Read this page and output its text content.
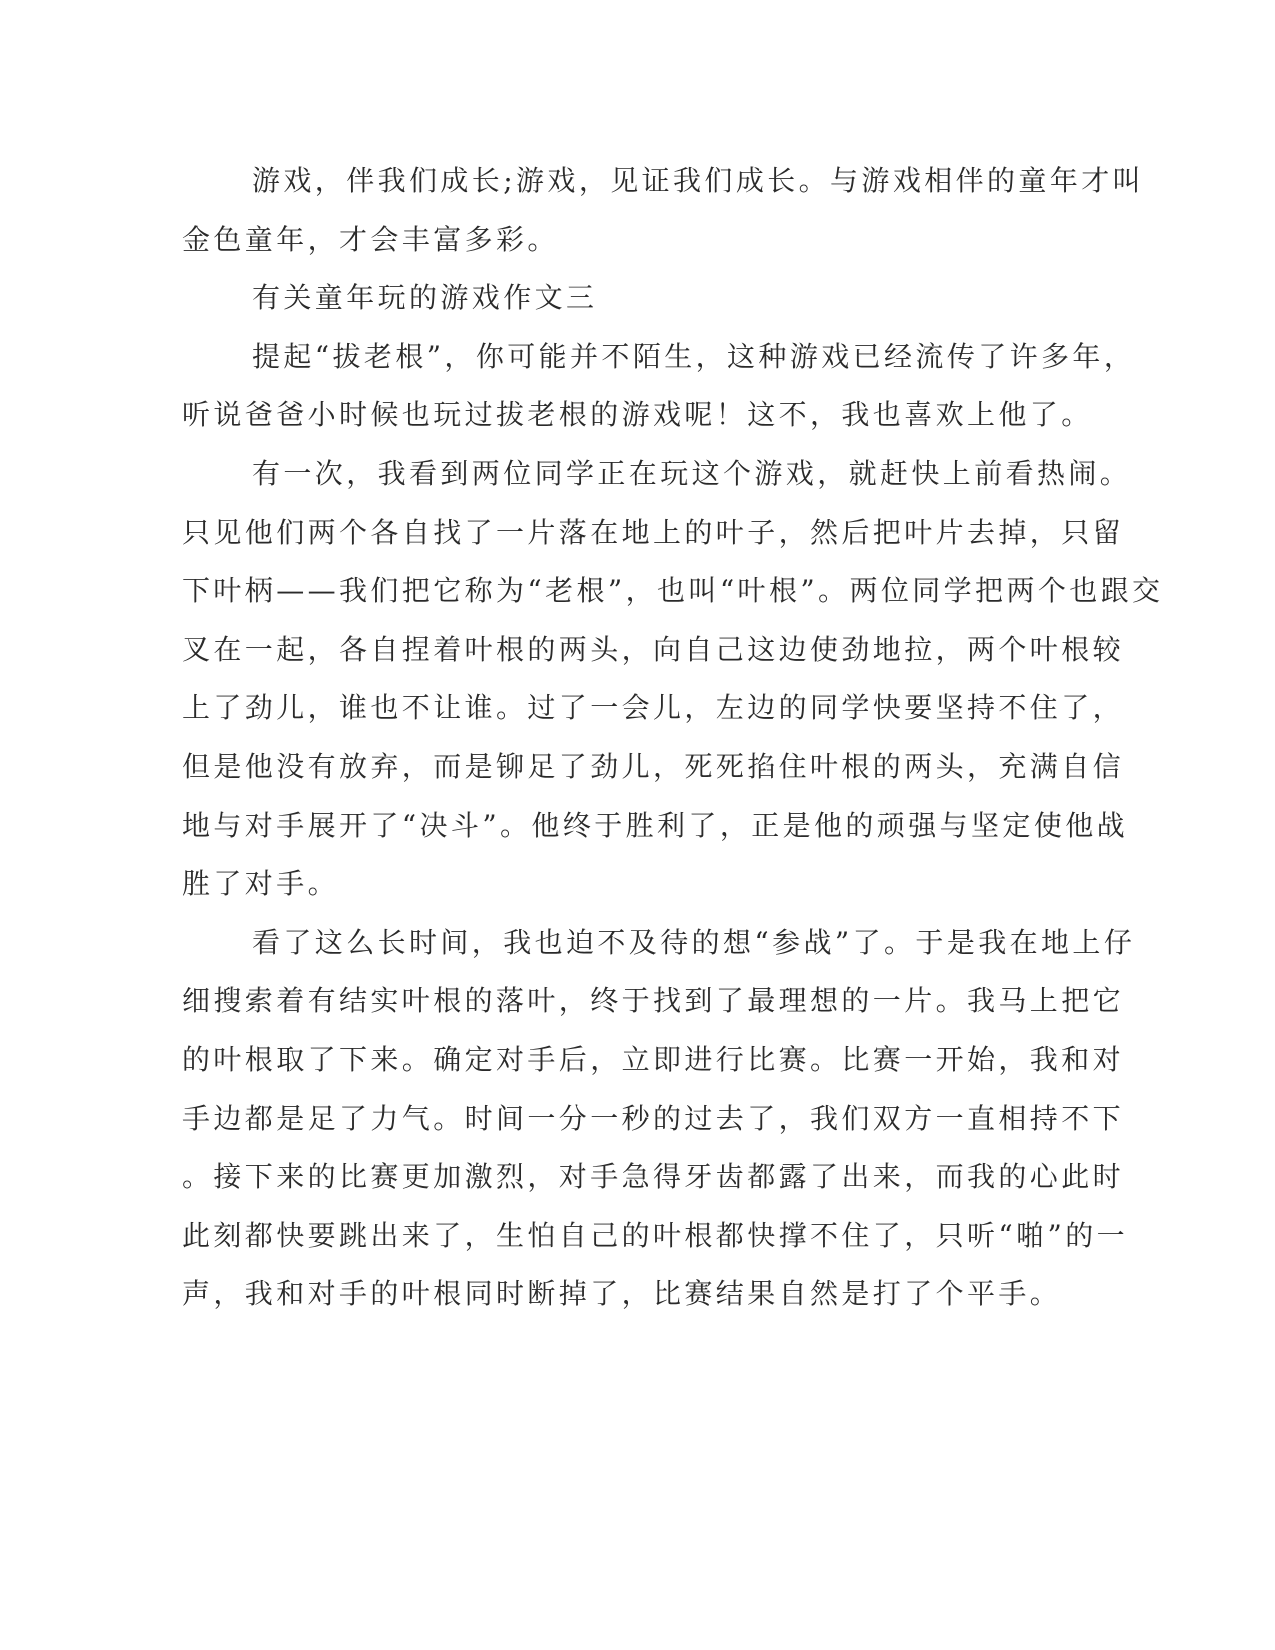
游戏，伴我们成长;游戏，见证我们成长。与游戏相伴的童年才叫
金色童年，才会丰富多彩。
有关童年玩的游戏作文三
提起“拔老根”，你可能并不陌生，这种游戏已经流传了许多年，
听说爸爸小时候也玩过拔老根的游戏呢！这不，我也喜欢上他了。
有一次，我看到两位同学正在玩这个游戏，就赶快上前看热闹。
只见他们两个各自找了一片落在地上的叶子，然后把叶片去掉，只留
下叶柄——我们把它称为“老根”，也叫“叶根”。两位同学把两个也跟交
叉在一起，各自捏着叶根的两头，向自己这边使劲地拉，两个叶根较
上了劲儿，谁也不让谁。过了一会儿，左边的同学快要坚持不住了，
但是他没有放弃，而是铆足了劲儿，死死掐住叶根的两头，充满自信
地与对手展开了“决斗”。他终于胜利了，正是他的顽强与坚定使他战
胜了对手。
看了这么长时间，我也迫不及待的想“参战”了。于是我在地上仔
细搜索着有结实叶根的落叶，终于找到了最理想的一片。我马上把它
的叶根取了下来。确定对手后，立即进行比赛。比赛一开始，我和对
手边都是足了力气。时间一分一秒的过去了，我们双方一直相持不下
。接下来的比赛更加激烈，对手急得牙齿都露了出来，而我的心此时
此刻都快要跳出来了，生怕自己的叶根都快撑不住了，只听“啪”的一
声，我和对手的叶根同时断掉了，比赛结果自然是打了个平手。
